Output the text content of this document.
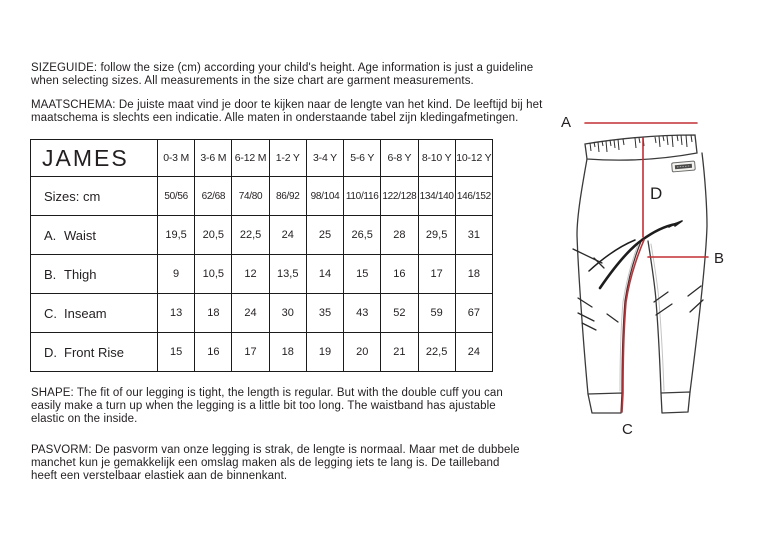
SIZEGUIDE: follow the size (cm) according your child's height. Age information is just a guideline
when selecting sizes. All measurements in the size chart are garment measurements.
MAATSCHEMA: De juiste maat vind je door te kijken naar de lengte van het kind. De leeftijd bij het
maatschema is slechts een indicatie. Alle maten in onderstaande tabel zijn kledingafmetingen.
JAMES	0-3 M	3-6 M	6-12 M	1-2 Y	3-4 Y	5-6 Y	6-8 Y	8-10 Y	10-12 Y
Sizes: cm	50/56	62/68	74/80	86/92	98/104	110/116	122/128	134/140	146/152
A. Waist	19,5	20,5	22,5	24	25	26,5	28	29,5	31
B. Thigh	9	10,5	12	13,5	14	15	16	17	18
C. Inseam	13	18	24	30	35	43	52	59	67
D. Front Rise	15	16	17	18	19	20	21	22,5	24
SHAPE: The fit of our legging is tight, the length is regular. But with the double cuff you can
easily make a turn up when the legging is a little bit too long. The waistband has ajustable
elastic on the inside.
PASVORM: De pasvorm van onze legging is strak, de lengte is normaal. Maar met de dubbele
manchet kun je gemakkelijk een omslag maken als de legging iets te lang is. De tailleband
heeft een verstelbaar elastiek aan de binnenkant.
A
B
C
D
